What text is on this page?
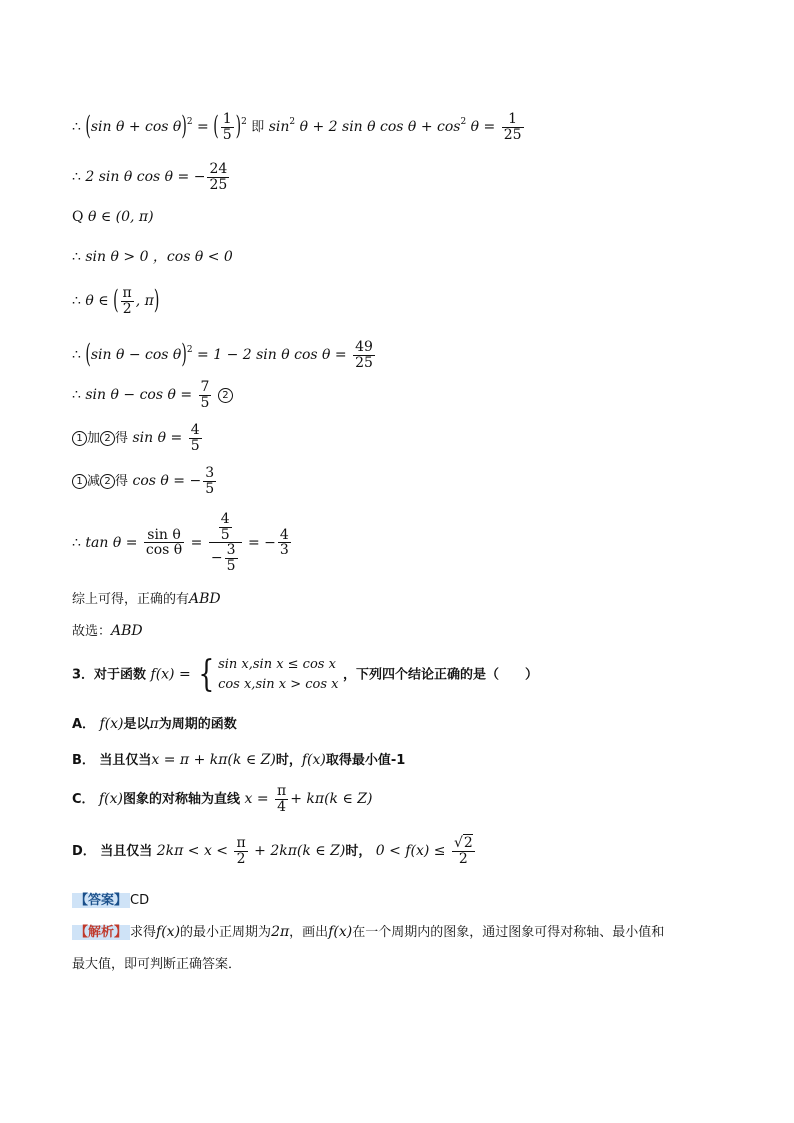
∴ (sin θ + cos θ)$^2$ = ( $\frac{1}{5} )^2$ 即 $\sin^2 \theta + 2$ sin θ $\cos \theta + \cos^2 \theta = \frac{1}{25}$
∴ 2 sin θ cos θ = − $\frac{24}{25}$
Q θ ∈ (0, π)
∴ sin θ > 0 ，cos θ < 0
∴ θ ∈ ( $\frac{\pi}{2}$ , π)
∴ (sin θ − cos θ)$^2$ = 1 − 2 sin θ $\cos \theta = \frac{49}{25}$
∴ $\sin \theta - \cos \theta = \frac{7}{5} 2$
1 加 2 得 $\sin \theta = \frac{4}{5}$
1 减 2 得 cos θ = − $\frac{3}{5}$
∴ $\tan \theta = \frac{\text{sin θ}}{\text{cos θ}} = \frac{\frac{4}{5}}{- \frac{3}{5}}$ = − $\frac{4}{3}$
综上可得，正确的有ABD
故选：ABD
3．对于函数 f(x) = { sin x,sin x ≤ cos x
cos x,sin x > cos x
，下列四个结论正确的是（　　）
A． f(x)是以π为周期的函数
B． 当且仅当x = π + kπ(k ∈ Z)时，f(x)取得最小值-1
C． f(x)图象的对称轴为直线 $x = \frac{\pi}{4} + k\pi(k$ ∈ Z)
D． 当且仅当 $2k\pi < x < \frac{\pi}{2} + 2k\pi(k$ ∈ Z)时， $0 < f(x) \le \frac{√2}{2}$
【答案】 CD
【解析】 求得f(x)的最小正周期为2π，画出f(x)在一个周期内的图象，通过图象可得对称轴、最小值和
最大值，即可判断正确答案．
